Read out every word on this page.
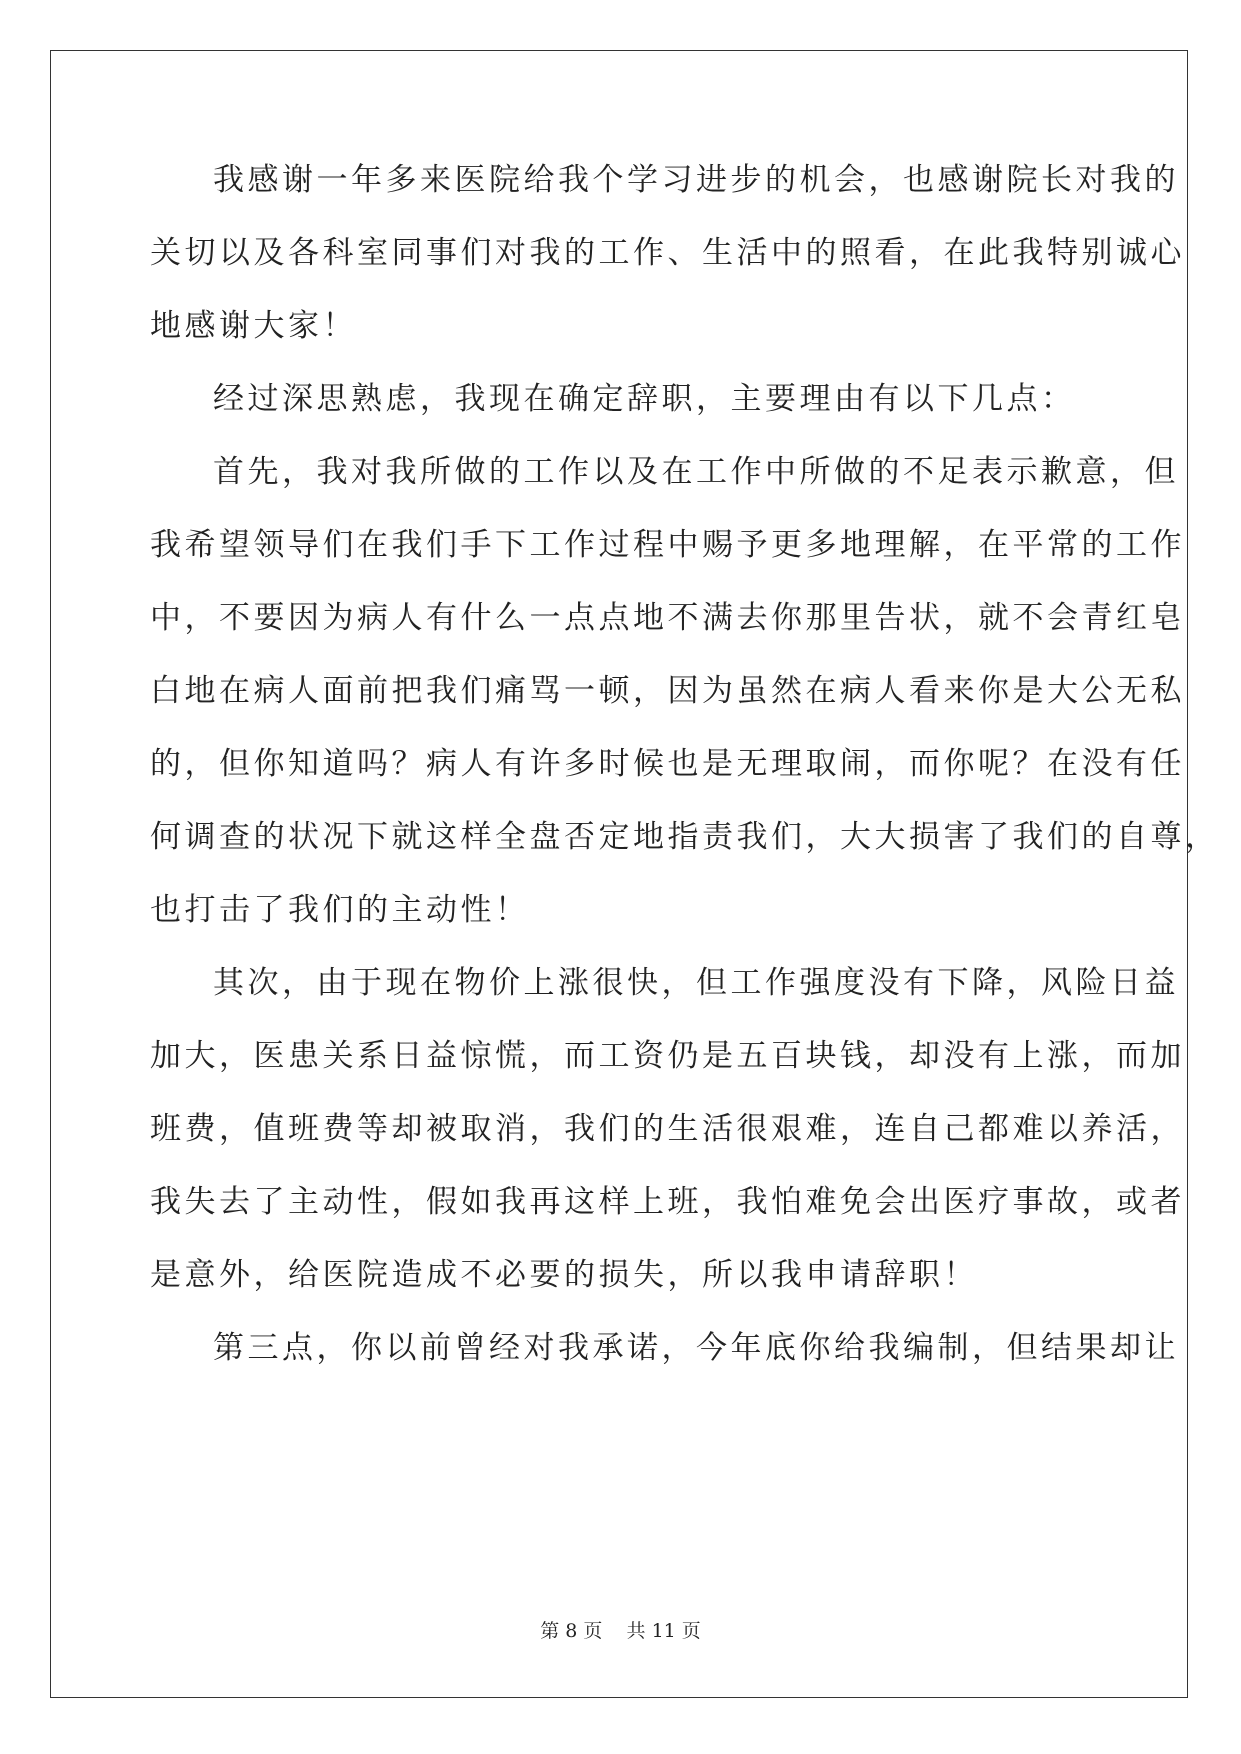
我感谢一年多来医院给我个学习进步的机会，也感谢院长对我的
关切以及各科室同事们对我的工作、生活中的照看，在此我特别诚心
地感谢大家！
经过深思熟虑，我现在确定辞职，主要理由有以下几点：
首先，我对我所做的工作以及在工作中所做的不足表示歉意，但
我希望领导们在我们手下工作过程中赐予更多地理解，在平常的工作
中，不要因为病人有什么一点点地不满去你那里告状，就不会青红皂
白地在病人面前把我们痛骂一顿，因为虽然在病人看来你是大公无私
的，但你知道吗？病人有许多时候也是无理取闹，而你呢？在没有任
何调查的状况下就这样全盘否定地指责我们，大大损害了我们的自尊，
也打击了我们的主动性！
其次，由于现在物价上涨很快，但工作强度没有下降，风险日益
加大，医患关系日益惊慌，而工资仍是五百块钱，却没有上涨，而加
班费，值班费等却被取消，我们的生活很艰难，连自己都难以养活，
我失去了主动性，假如我再这样上班，我怕难免会出医疗事故，或者
是意外，给医院造成不必要的损失，所以我申请辞职！
第三点，你以前曾经对我承诺，今年底你给我编制，但结果却让
第 8 页    共 11 页
